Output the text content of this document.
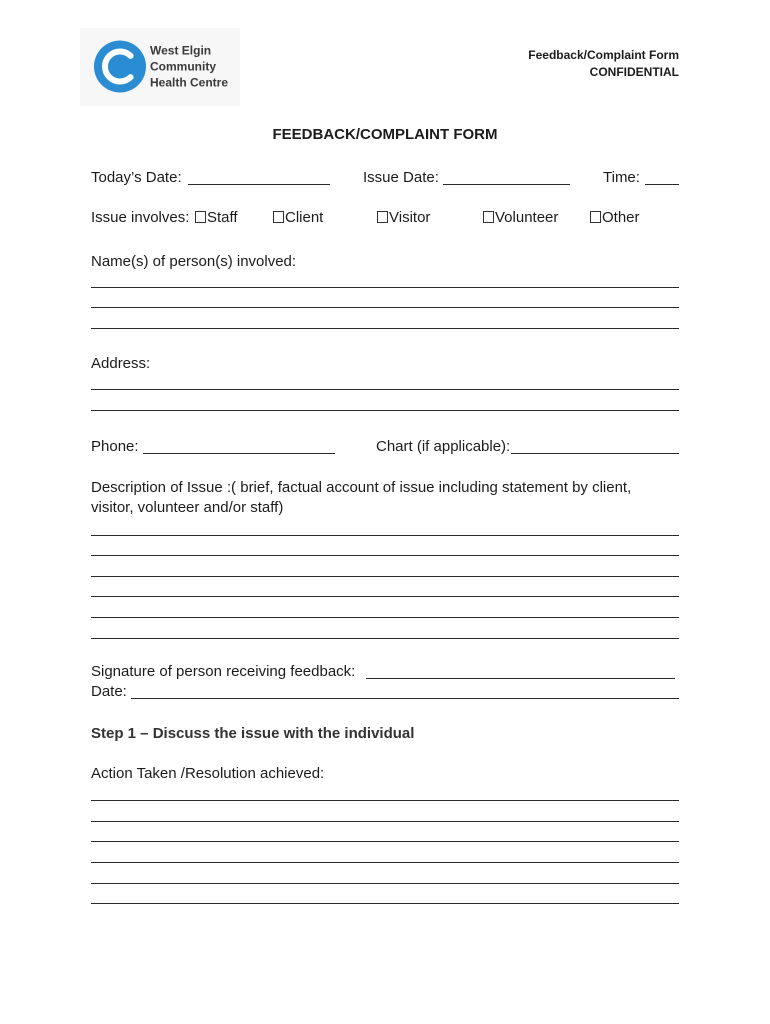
West Elgin
Community
Health Centre
Feedback/Complaint Form
CONFIDENTIAL
FEEDBACK/COMPLAINT FORM
Today’s Date:	Issue Date:	Time:
Issue involves:	Staff	Client	Visitor	Volunteer	Other
Name(s) of person(s) involved:
Address:
Phone:	Chart (if applicable):
Description of Issue :( brief, factual account of issue including statement by client,
visitor, volunteer and/or staff)
Signature of person receiving feedback:
Date:
Step 1 – Discuss the issue with the individual
Action Taken /Resolution achieved:
